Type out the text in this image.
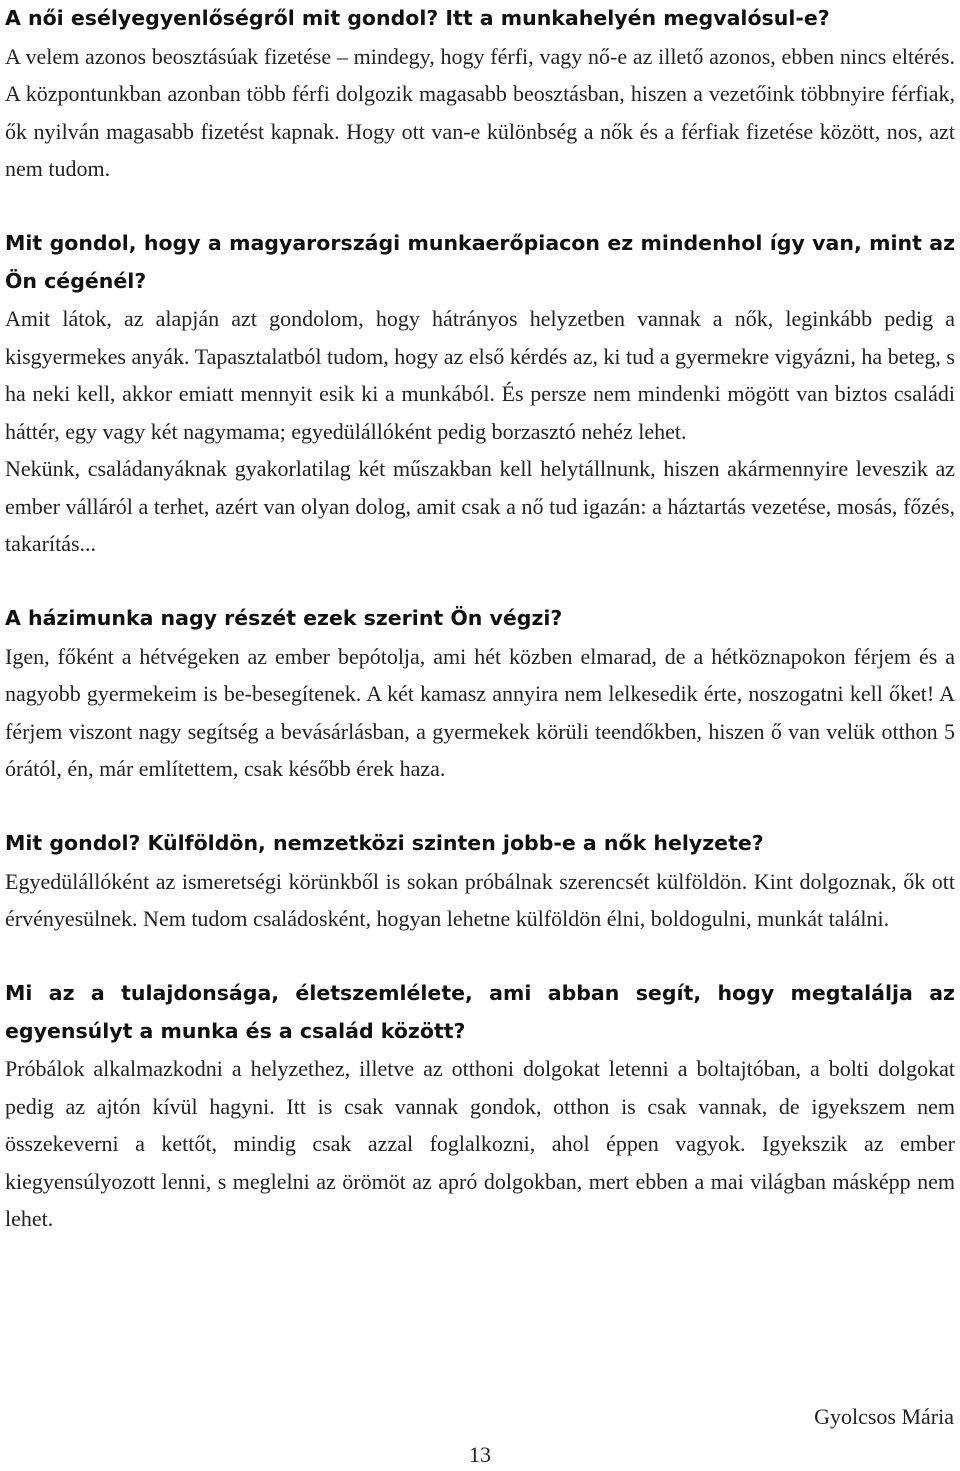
A női esélyegyenlőségről mit gondol? Itt a munkahelyén megvalósul-e?

A velem azonos beosztásúak fizetése – mindegy, hogy férfi, vagy nő-e az illető azonos, ebben nincs eltérés. A központunkban azonban több férfi dolgozik magasabb beosztásban, hiszen a vezetőink többnyire férfiak, ők nyilván magasabb fizetést kapnak. Hogy ott van-e különbség a nők és a férfiak fizetése között, nos, azt nem tudom.

Mit gondol, hogy a magyarországi munkaerőpiacon ez mindenhol így van, mint az Ön cégénél?

Amit látok, az alapján azt gondolom, hogy hátrányos helyzetben vannak a nők, leginkább pedig a kisgyermekes anyák. Tapasztalatból tudom, hogy az első kérdés az, ki tud a gyermekre vigyázni, ha beteg, s ha neki kell, akkor emiatt mennyit esik ki a munkából. És persze nem mindenki mögött van biztos családi háttér, egy vagy két nagymama; egyedülállóként pedig borzasztó nehéz lehet.

Nekünk, családanyáknak gyakorlatilag két műszakban kell helytállnunk, hiszen akármennyire leveszik az ember válláról a terhet, azért van olyan dolog, amit csak a nő tud igazán: a háztartás vezetése, mosás, főzés, takarítás...

A házimunka nagy részét ezek szerint Ön végzi?

Igen, főként a hétvégeken az ember bepótolja, ami hét közben elmarad, de a hétköznapokon férjem és a nagyobb gyermekeim is be-besegítenek. A két kamasz annyira nem lelkesedik érte, noszogatni kell őket! A férjem viszont nagy segítség a bevásárlásban, a gyermekek körüli teendőkben, hiszen ő van velük otthon 5 órától, én, már említettem, csak később érek haza.

Mit gondol? Külföldön, nemzetközi szinten jobb-e a nők helyzete?

Egyedülállóként az ismeretségi körünkből is sokan próbálnak szerencsét külföldön. Kint dolgoznak, ők ott érvényesülnek. Nem tudom családosként, hogyan lehetne külföldön élni, boldogulni, munkát találni.

Mi az a tulajdonsága, életszemlélete, ami abban segít, hogy megtalálja az egyensúlyt a munka és a család között?

Próbálok alkalmazkodni a helyzethez, illetve az otthoni dolgokat letenni a boltajtóban, a bolti dolgokat pedig az ajtón kívül hagyni. Itt is csak vannak gondok, otthon is csak vannak, de igyekszem nem összekeverni a kettőt, mindig csak azzal foglalkozni, ahol éppen vagyok. Igyekszik az ember kiegyensúlyozott lenni, s meglelni az örömöt az apró dolgokban, mert ebben a mai világban másképp nem lehet.

Gyolcsos Mária
13
